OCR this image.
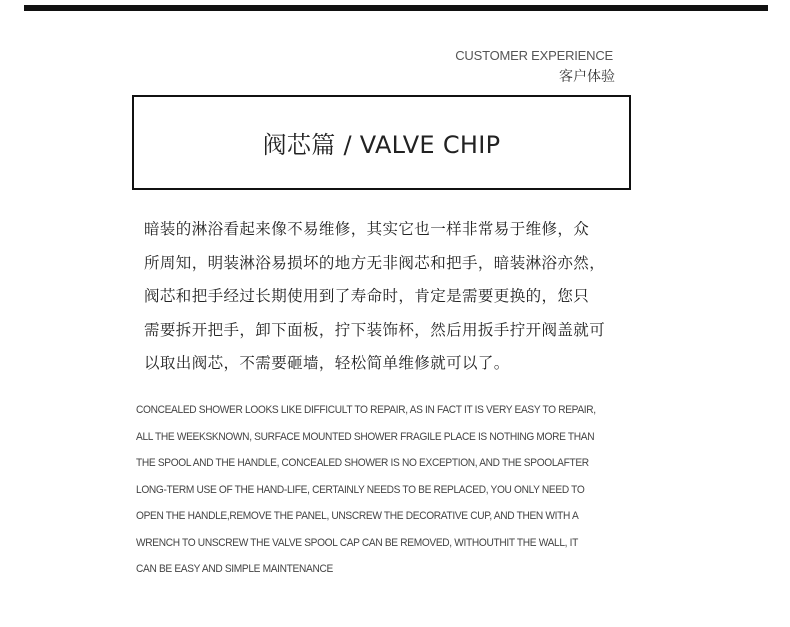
CUSTOMER EXPERIENCE
客户体验
阀芯篇 / VALVE CHIP
暗装的淋浴看起来像不易维修，其实它也一样非常易于维修，众
所周知，明装淋浴易损坏的地方无非阀芯和把手，暗装淋浴亦然，
阀芯和把手经过长期使用到了寿命时，肯定是需要更换的，您只
需要拆开把手，卸下面板，拧下装饰杯，然后用扳手拧开阀盖就可
以取出阀芯，不需要砸墙，轻松简单维修就可以了。
CONCEALED SHOWER LOOKS LIKE DIFFICULT TO REPAIR, AS IN FACT IT IS VERY EASY TO REPAIR,
ALL THE WEEKSKNOWN, SURFACE MOUNTED SHOWER FRAGILE PLACE IS NOTHING MORE THAN
THE SPOOL AND THE HANDLE, CONCEALED SHOWER IS NO EXCEPTION, AND THE SPOOLAFTER
LONG-TERM USE OF THE HAND-LIFE, CERTAINLY NEEDS TO BE REPLACED, YOU ONLY NEED TO
OPEN THE HANDLE,REMOVE THE PANEL, UNSCREW THE DECORATIVE CUP, AND THEN WITH A
WRENCH TO UNSCREW THE VALVE SPOOL CAP CAN BE REMOVED, WITHOUTHIT THE WALL, IT
CAN BE EASY AND SIMPLE MAINTENANCE
